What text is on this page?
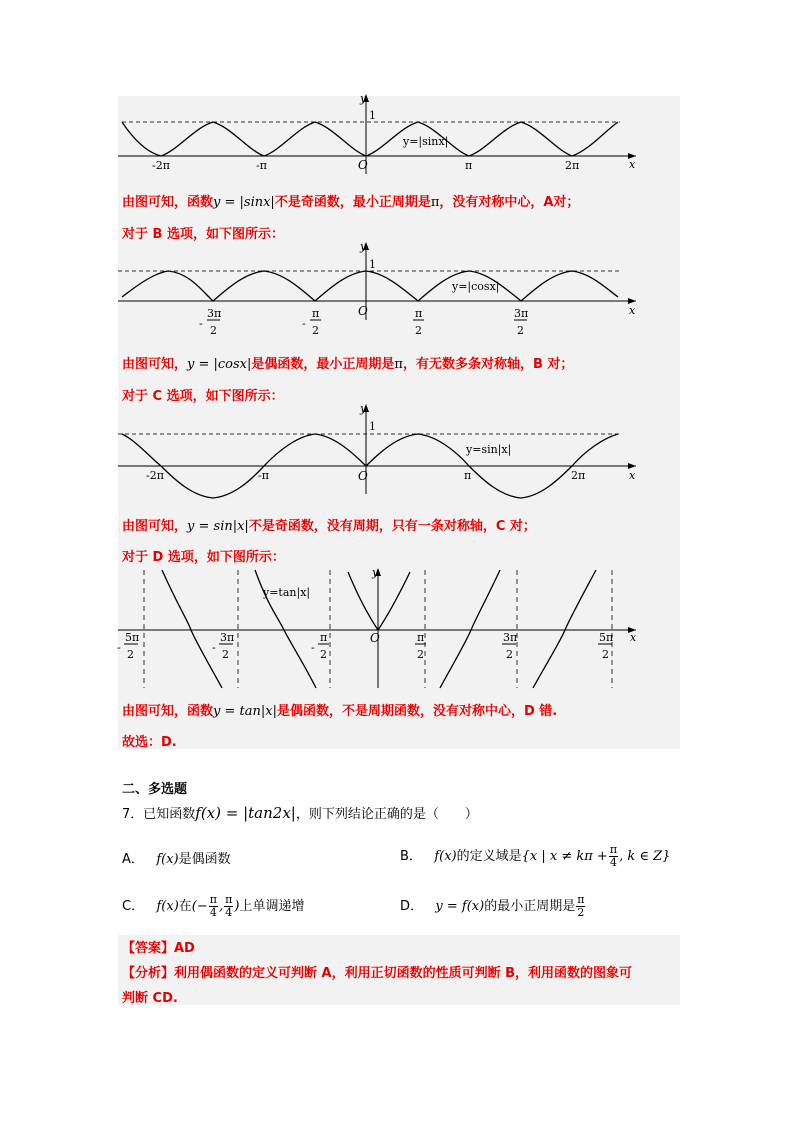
y
x
1
O
y=|sinx|
-2π	-π	π	2π
由图可知，函数y = |sinx|不是奇函数，最小正周期是π，没有对称中心，A对；
对于 B 选项，如下图所示：
y
x
1
O
y=|cosx|
3π
-
2
π
-
2
π
2
3π
2
由图可知，y = |cosx|是偶函数，最小正周期是π，有无数多条对称轴，B 对；
对于 C 选项，如下图所示：
y
x
1
O
y=sin|x|
-2π	-π	π	2π
由图可知，y = sin|x|不是奇函数，没有周期，只有一条对称轴，C 对；
对于 D 选项，如下图所示：
y
x
O
y=tan|x|
5π
-
2
3π
-
2
π
-
2
π
2
3π
2
5π
2
由图可知，函数y = tan|x|是偶函数，不是周期函数，没有对称中心，D 错.
故选：D.
二、多选题
7．已知函数f(x) = |tan2x|，则下列结论正确的是（　　）
A． f(x)是偶函数	B． f(x)的定义域是{x | $x \ne k\pi + \frac{\pi}{4}$ , k ∈ Z}
C． f(x)在(− $\frac{\pi}{4}$ , $\frac{\pi}{4}$ )上单调递增	D． y = f(x)的最小正周期是 $\frac{\pi}{2}$
【答案】AD
【分析】利用偶函数的定义可判断 A，利用正切函数的性质可判断 B，利用函数的图象可
判断 CD.
